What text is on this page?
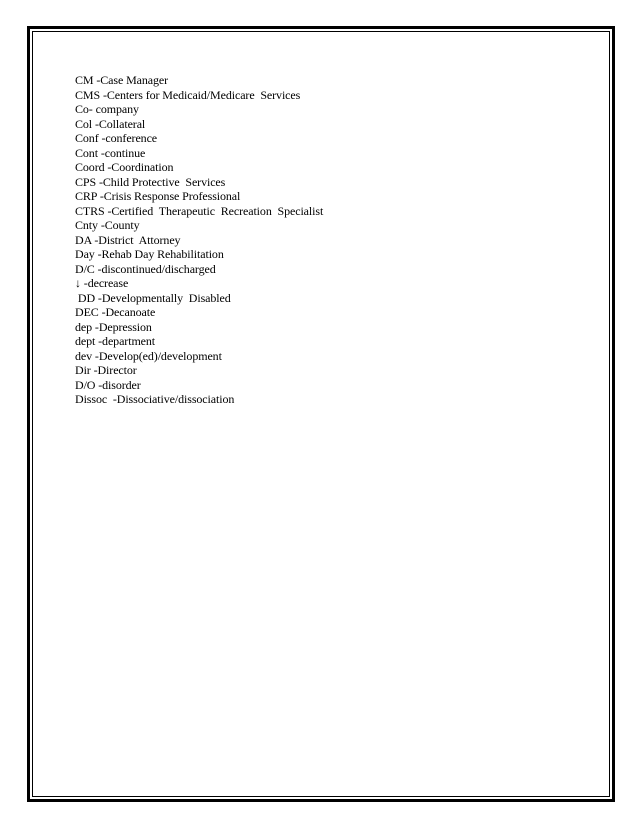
CM -Case Manager
CMS -Centers for Medicaid/Medicare  Services
Co- company
Col -Collateral
Conf -conference
Cont -continue
Coord -Coordination
CPS -Child Protective  Services
CRP -Crisis Response Professional
CTRS -Certified  Therapeutic  Recreation  Specialist
Cnty -County
DA -District  Attorney
Day -Rehab Day Rehabilitation
D/C -discontinued/discharged
↓ -decrease
DD -Developmentally  Disabled
DEC -Decanoate
dep -Depression
dept -department
dev -Develop(ed)/development
Dir -Director
D/O -disorder
Dissoc  -Dissociative/dissociation
